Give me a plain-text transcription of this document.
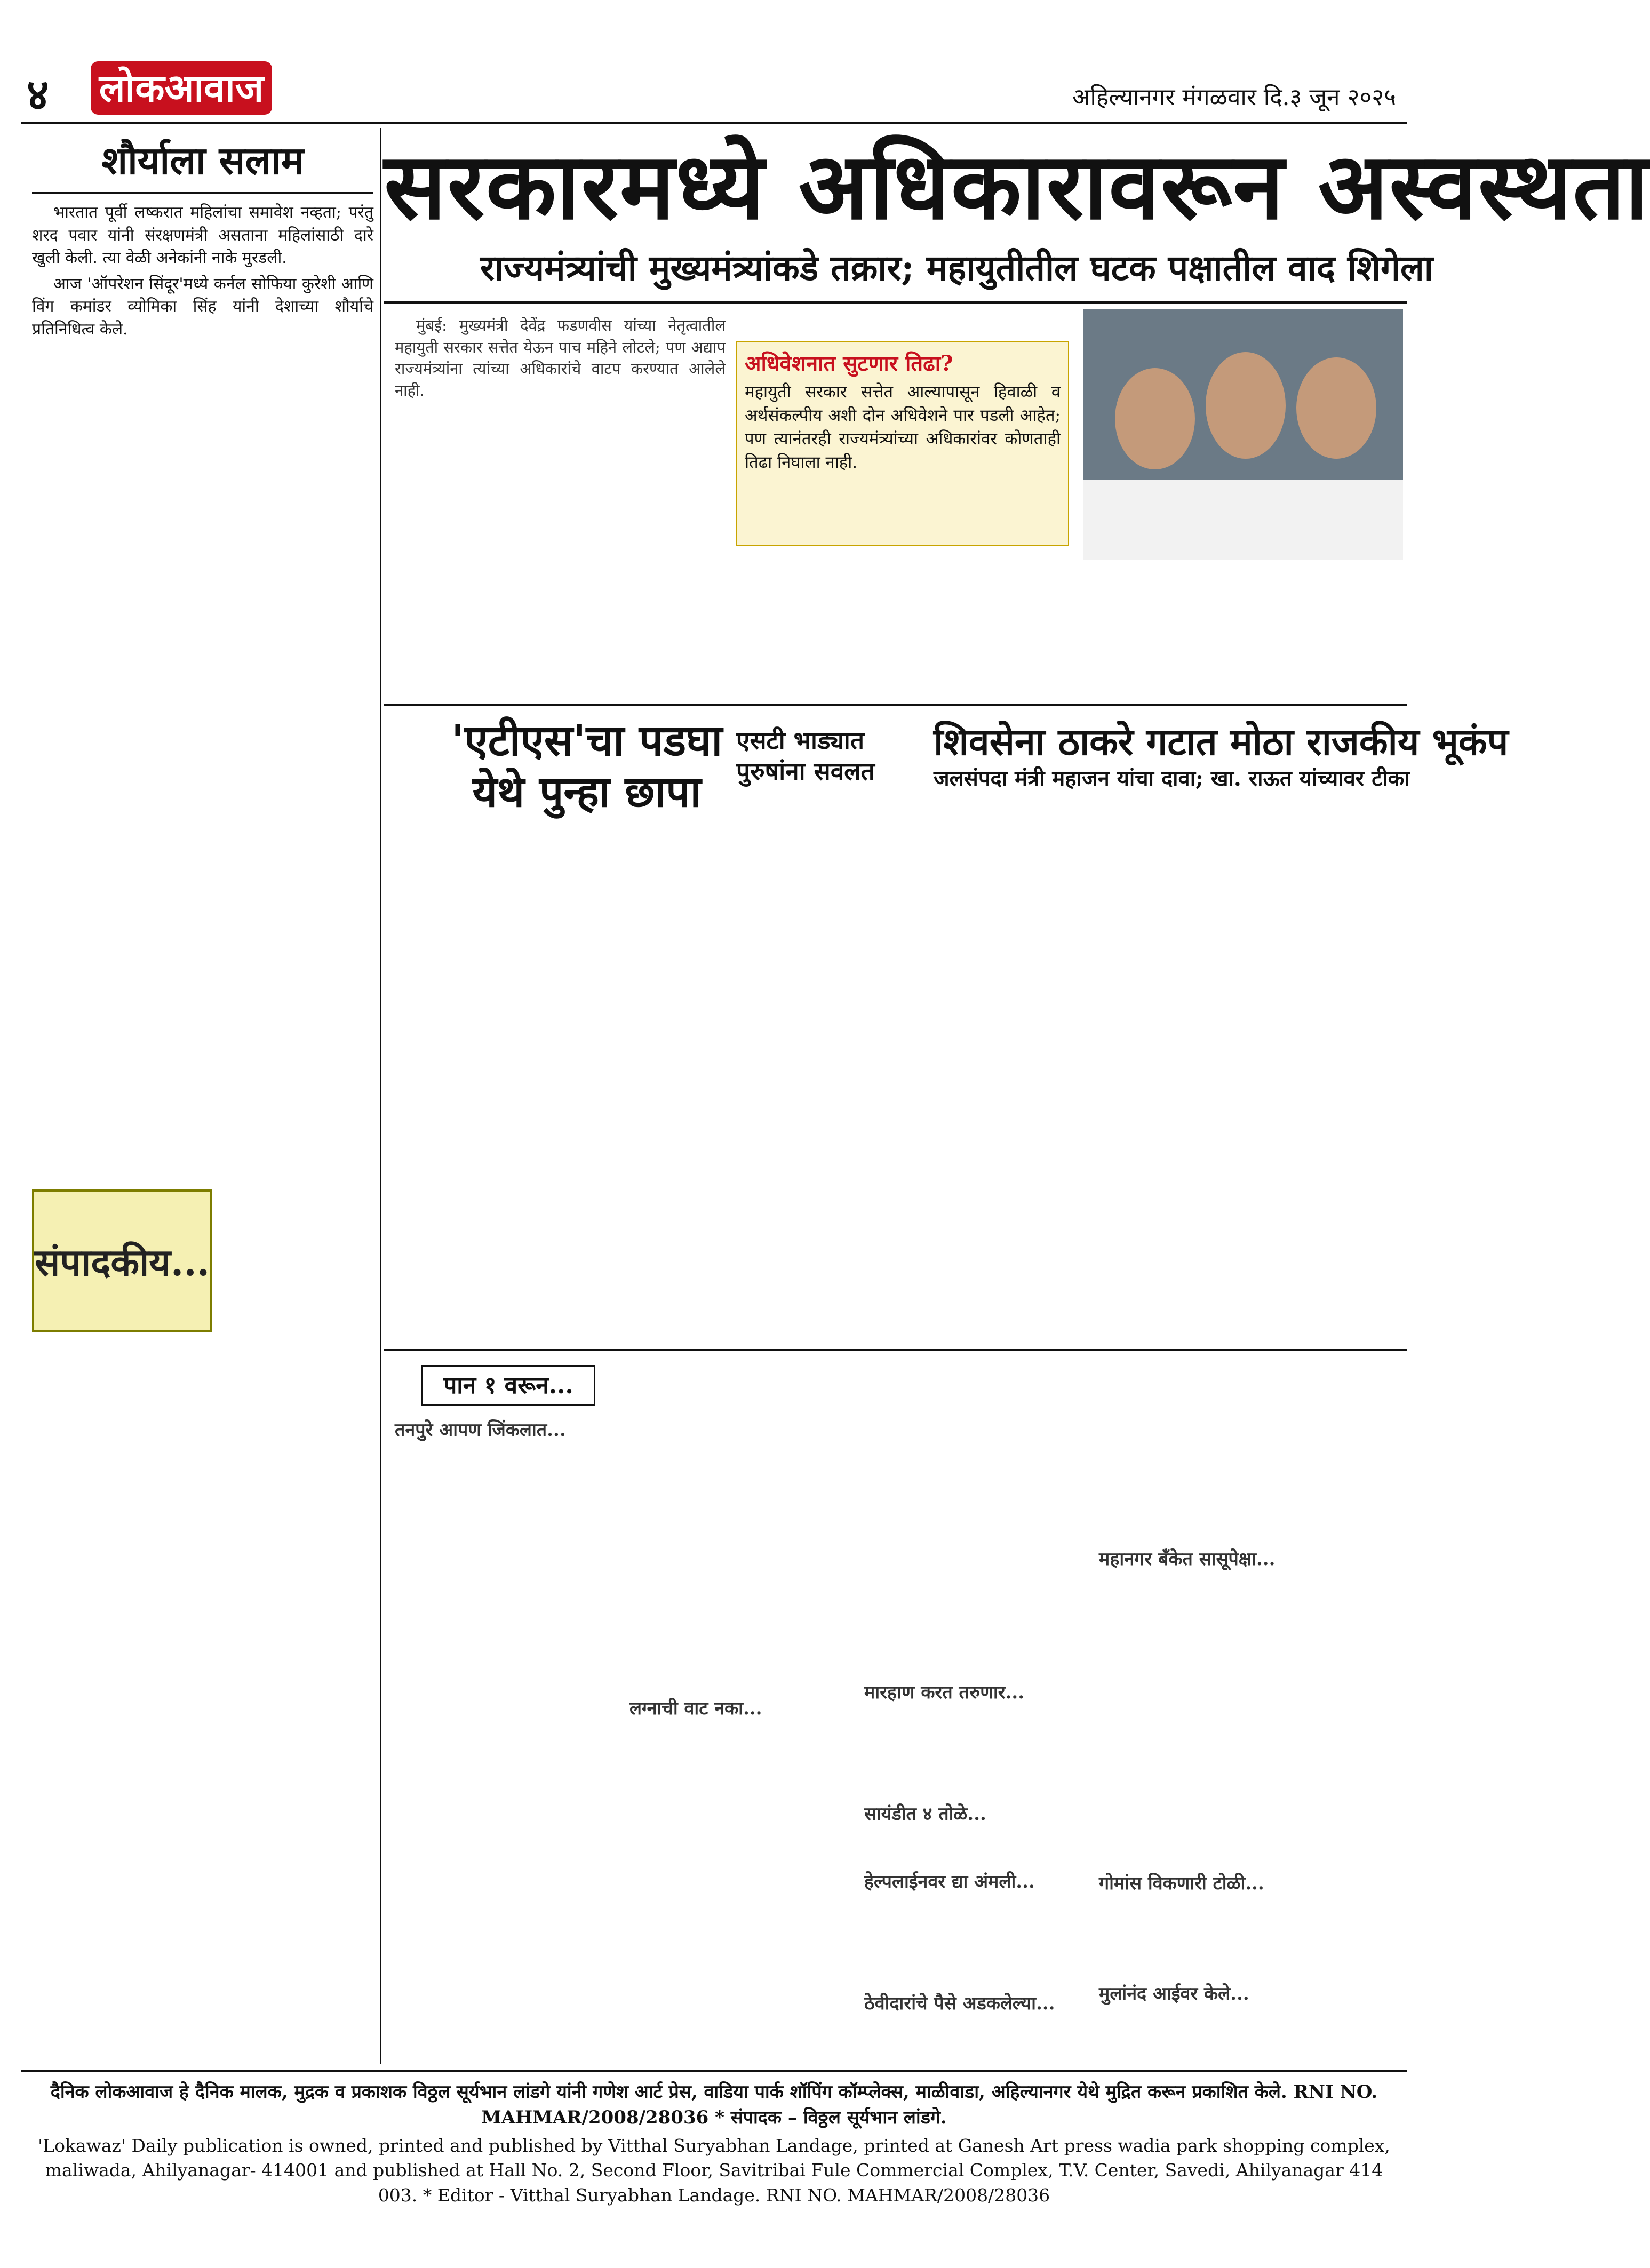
४ लोकआवाज	अहिल्यानगर मंगळवार दि.३ जून २०२५
शौर्याला सलाम

भारतात पूर्वी लष्करात महिलांचा समावेश नव्हता; परंतु शरद पवार यांनी संरक्षणमंत्री असताना महिलांसाठी दारे खुली केली. त्या वेळी अनेकांनी नाके मुरडली.

आज 'ऑपरेशन सिंदूर'मध्ये कर्नल सोफिया कुरेशी आणि विंग कमांडर व्योमिका सिंह यांनी देशाच्या शौर्याचे प्रतिनिधित्व केले.

संपादकीय...
सरकारमध्ये अधिकारावरून अस्वस्थता
राज्यमंत्र्यांची मुख्यमंत्र्यांकडे तक्रार; महायुतीतील घटक पक्षातील वाद शिगेला

मुंबई: मुख्यमंत्री देवेंद्र फडणवीस यांच्या नेतृत्वातील महायुती सरकार सत्तेत येऊन पाच महिने लोटले; पण अद्याप राज्यमंत्र्यांना त्यांच्या अधिकारांचे वाटप करण्यात आलेले नाही.

अधिवेशनात सुटणार तिढा?
महायुती सरकार सत्तेत आल्यापासून हिवाळी व अर्थसंकल्पीय अशी दोन अधिवेशने पार पडली आहेत; पण त्यानंतरही राज्यमंत्र्यांच्या अधिकारांवर कोणताही तिढा निघाला नाही.
'एटीएस'चा पडघा
येथे पुन्हा छापा
एसटी भाड्यात
पुरुषांना सवलत
शिवसेना ठाकरे गटात मोठा राजकीय भूकंप
जलसंपदा मंत्री महाजन यांचा दावा; खा. राऊत यांच्यावर टीका
पान १ वरून...
तनपुरे आपण जिंकलात...
लग्नाची वाट नका...
मारहाण करत तरुणार...
सायंडीत ४ तोळे...
हेल्पलाईनवर द्या अंमली...
ठेवीदारांचे पैसे अडकलेल्या...
महानगर बँकेत सासूपेक्षा...
गोमांस विकणारी टोळी...
मुलांनंद आईवर केले...
दैनिक लोकआवाज हे दैनिक मालक, मुद्रक व प्रकाशक विठ्ठल सूर्यभान लांडगे यांनी गणेश आर्ट प्रेस, वाडिया पार्क शॉपिंग कॉम्प्लेक्स, माळीवाडा, अहिल्यानगर येथे मुद्रित करून प्रकाशित केले. RNI NO. MAHMAR/2008/28036 * संपादक – विठ्ठल सूर्यभान लांडगे.
'Lokawaz' Daily publication is owned, printed and published by Vitthal Suryabhan Landage, printed at Ganesh Art press wadia park shopping complex, maliwada, Ahilyanagar- 414001 and published at Hall No. 2, Second Floor, Savitribai Fule Commercial Complex, T.V. Center, Savedi, Ahilyanagar 414 003. * Editor - Vitthal Suryabhan Landage. RNI NO. MAHMAR/2008/28036
